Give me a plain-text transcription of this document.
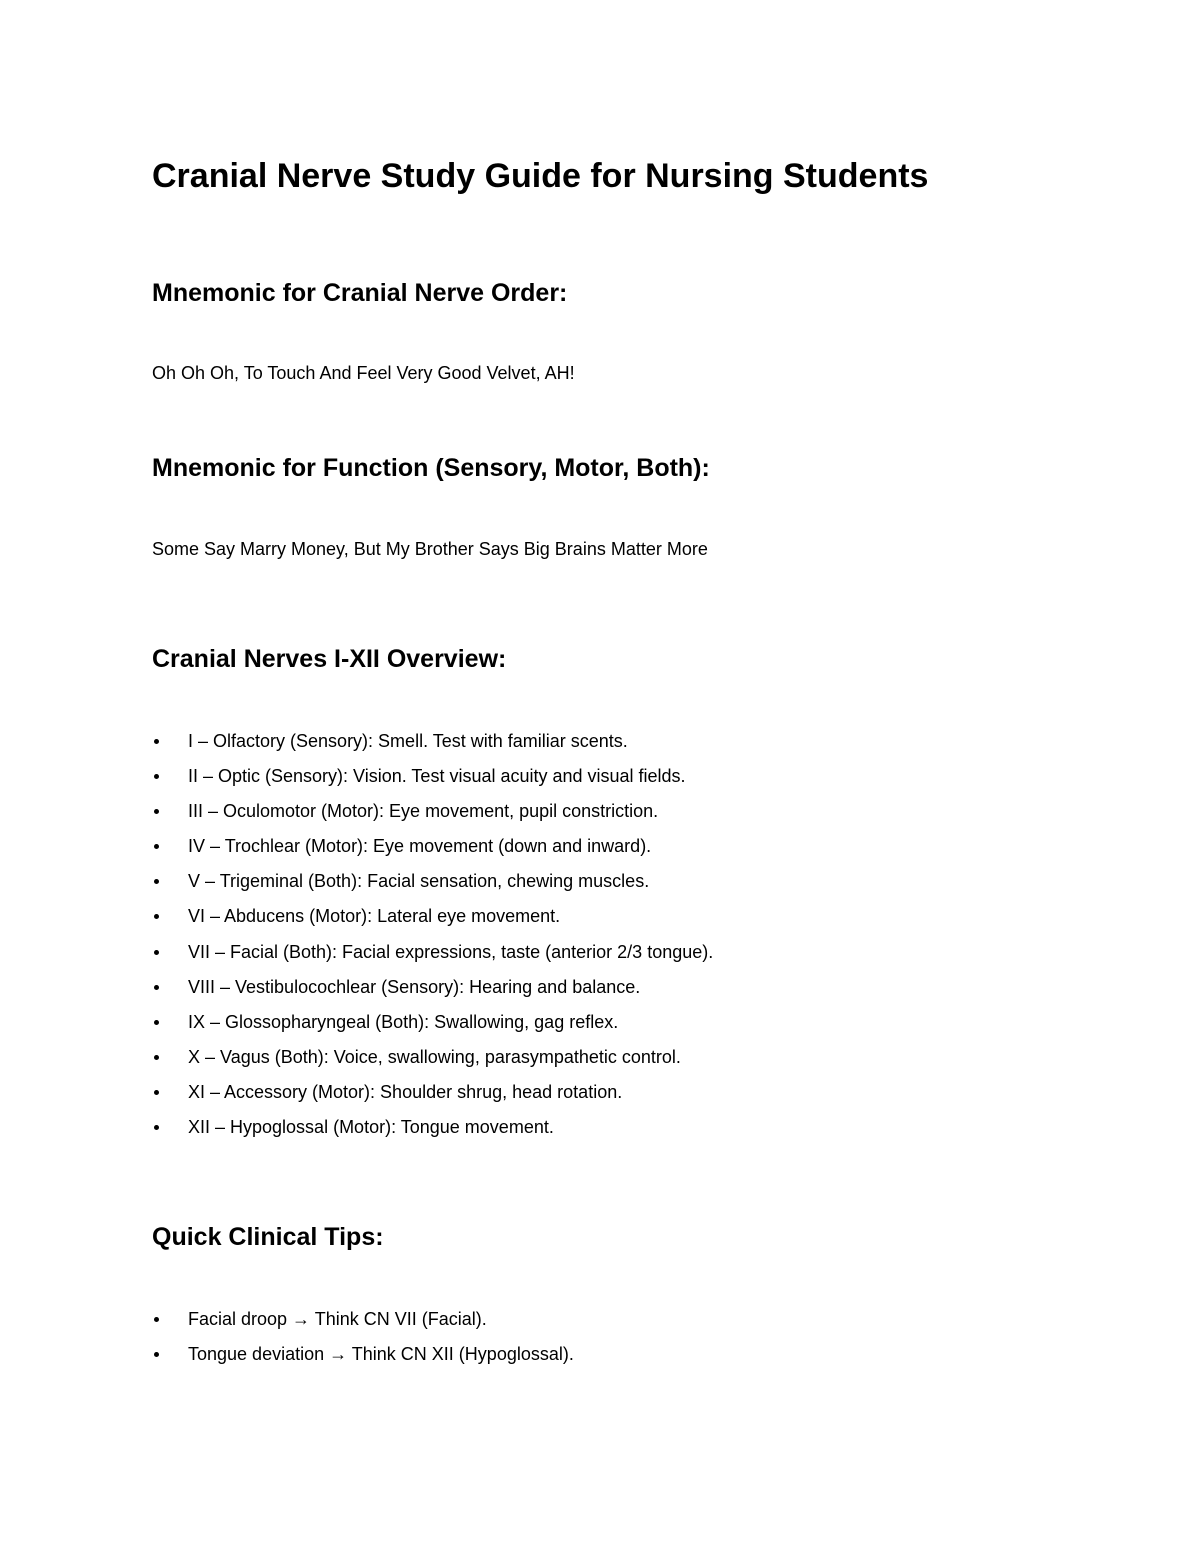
Cranial Nerve Study Guide for Nursing Students
Mnemonic for Cranial Nerve Order:

Oh Oh Oh, To Touch And Feel Very Good Velvet, AH!

Mnemonic for Function (Sensory, Motor, Both):

Some Say Marry Money, But My Brother Says Big Brains Matter More

Cranial Nerves I-XII Overview:
I – Olfactory (Sensory): Smell. Test with familiar scents.
II – Optic (Sensory): Vision. Test visual acuity and visual fields.
III – Oculomotor (Motor): Eye movement, pupil constriction.
IV – Trochlear (Motor): Eye movement (down and inward).
V – Trigeminal (Both): Facial sensation, chewing muscles.
VI – Abducens (Motor): Lateral eye movement.
VII – Facial (Both): Facial expressions, taste (anterior 2/3 tongue).
VIII – Vestibulocochlear (Sensory): Hearing and balance.
IX – Glossopharyngeal (Both): Swallowing, gag reflex.
X – Vagus (Both): Voice, swallowing, parasympathetic control.
XI – Accessory (Motor): Shoulder shrug, head rotation.
XII – Hypoglossal (Motor): Tongue movement.
Quick Clinical Tips:
Facial droop → Think CN VII (Facial).
Tongue deviation → Think CN XII (Hypoglossal).
